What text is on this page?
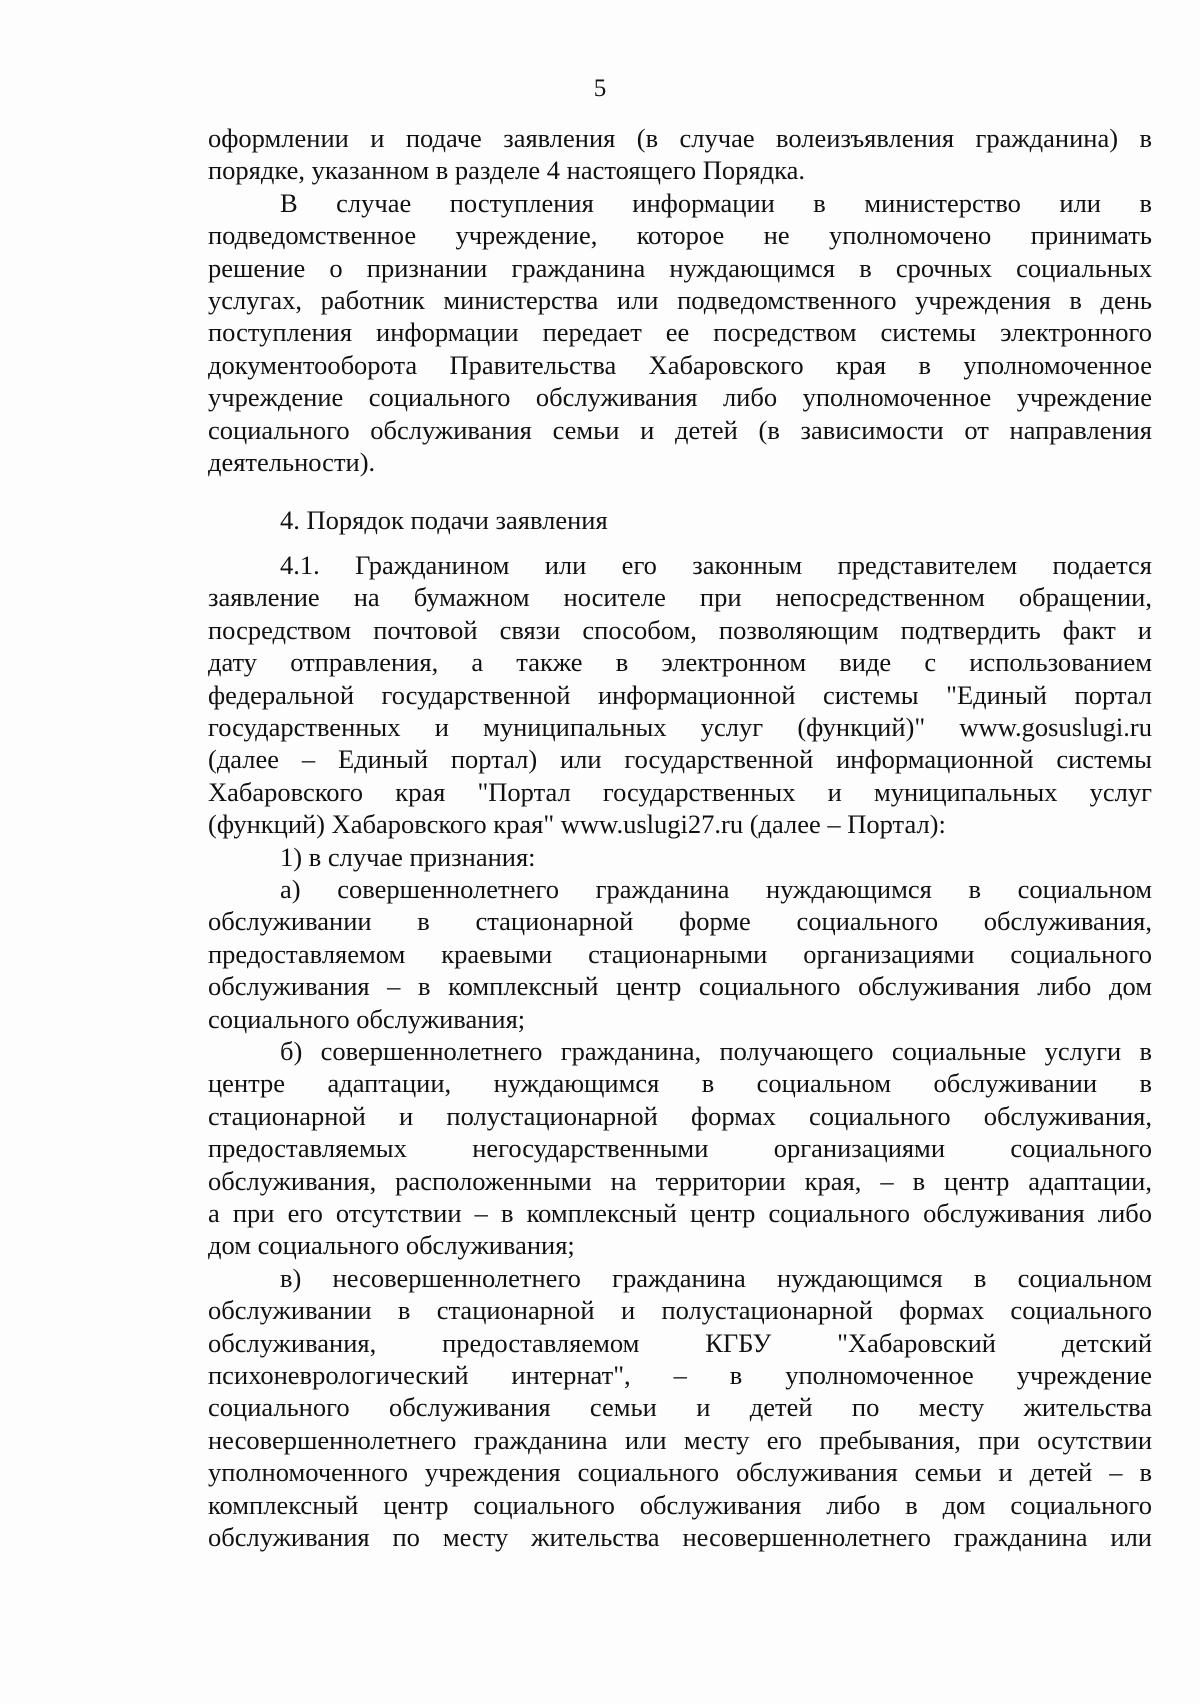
5
оформлении и подаче заявления (в случае волеизъявления гражданина) в
порядке, указанном в разделе 4 настоящего Порядка.
В случае поступления информации в министерство или в
подведомственное учреждение, которое не уполномочено принимать
решение о признании гражданина нуждающимся в срочных социальных
услугах, работник министерства или подведомственного учреждения в день
поступления информации передает ее посредством системы электронного
документооборота Правительства Хабаровского края в уполномоченное
учреждение социального обслуживания либо уполномоченное учреждение
социального обслуживания семьи и детей (в зависимости от направления
деятельности).
4. Порядок подачи заявления
4.1. Гражданином или его законным представителем подается
заявление на бумажном носителе при непосредственном обращении,
посредством почтовой связи способом, позволяющим подтвердить факт и
дату отправления, а также в электронном виде с использованием
федеральной государственной информационной системы "Единый портал
государственных и муниципальных услуг (функций)" www.gosuslugi.ru
(далее – Единый портал) или государственной информационной системы
Хабаровского края "Портал государственных и муниципальных услуг
(функций) Хабаровского края" www.uslugi27.ru (далее – Портал):
1) в случае признания:
а) совершеннолетнего гражданина нуждающимся в социальном
обслуживании в стационарной форме социального обслуживания,
предоставляемом краевыми стационарными организациями социального
обслуживания – в комплексный центр социального обслуживания либо дом
социального обслуживания;
б) совершеннолетнего гражданина, получающего социальные услуги в
центре адаптации, нуждающимся в социальном обслуживании в
стационарной и полустационарной формах социального обслуживания,
предоставляемых негосударственными организациями социального
обслуживания, расположенными на территории края, – в центр адаптации,
а при его отсутствии – в комплексный центр социального обслуживания либо
дом социального обслуживания;
в) несовершеннолетнего гражданина нуждающимся в социальном
обслуживании в стационарной и полустационарной формах социального
обслуживания, предоставляемом КГБУ "Хабаровский детский
психоневрологический интернат", – в уполномоченное учреждение
социального обслуживания семьи и детей по месту жительства
несовершеннолетнего гражданина или месту его пребывания, при осутствии
уполномоченного учреждения социального обслуживания семьи и детей – в
комплексный центр социального обслуживания либо в дом социального
обслуживания по месту жительства несовершеннолетнего гражданина или
